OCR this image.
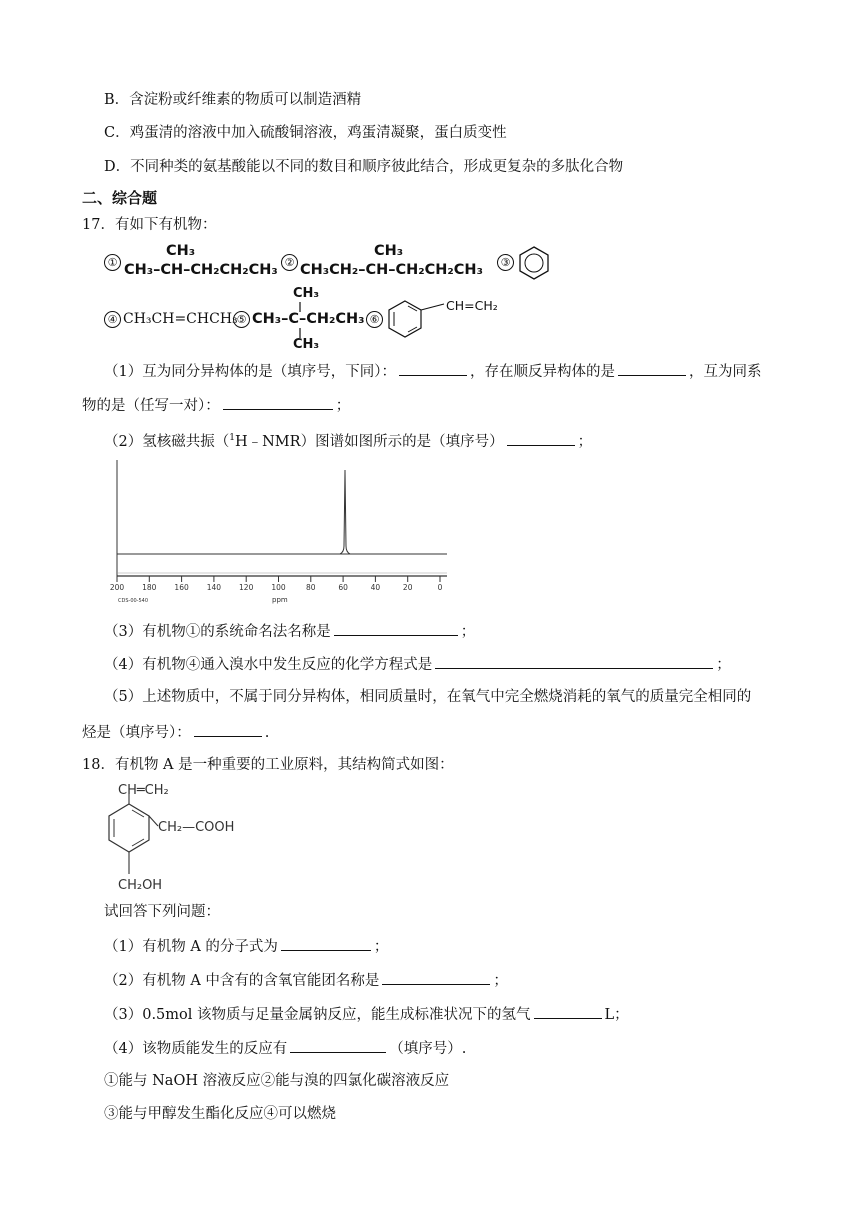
B．含淀粉或纤维素的物质可以制造酒精
C．鸡蛋清的溶液中加入硫酸铜溶液，鸡蛋清凝聚，蛋白质变性
D．不同种类的氨基酸能以不同的数目和顺序彼此结合，形成更复杂的多肽化合物
二、综合题
17．有如下有机物：
① CH₃–CH–CH₂CH₂CH₃
CH₃
② CH₃CH₂–CH–CH₂CH₂CH₃
CH₃
③
④ CH₃CH=CHCH₃
⑤ CH₃–C–CH₂CH₃
CH₃
CH₃
⑥
CH=CH₂
（1）互为同分异构体的是（填序号，下同）：	，存在顺反异构体的是	，互为同系
物的是（任写一对）：	；
（2）氢核磁共振（$^1$H﹣NMR）图谱如图所示的是（填序号）	；
200 180 160 140 120 100	80	60	40	20	0
CDS-00-540	ppm
（3）有机物①的系统命名法名称是	；
（4）有机物④通入溴水中发生反应的化学方程式是	；
（5）上述物质中，不属于同分异构体，相同质量时，在氧气中完全燃烧消耗的氧气的质量完全相同的
烃是（填序号）：	.
18．有机物 A 是一种重要的工业原料，其结构简式如图：
CH═CH₂
CH₂—COOH
CH₂OH
试回答下列问题：
（1）有机物 A 的分子式为	；
（2）有机物 A 中含有的含氧官能团名称是	；
（3）0.5mol 该物质与足量金属钠反应，能生成标准状况下的氢气	L；
（4）该物质能发生的反应有	（填序号）.
①能与 NaOH 溶液反应②能与溴的四氯化碳溶液反应
③能与甲醇发生酯化反应④可以燃烧
